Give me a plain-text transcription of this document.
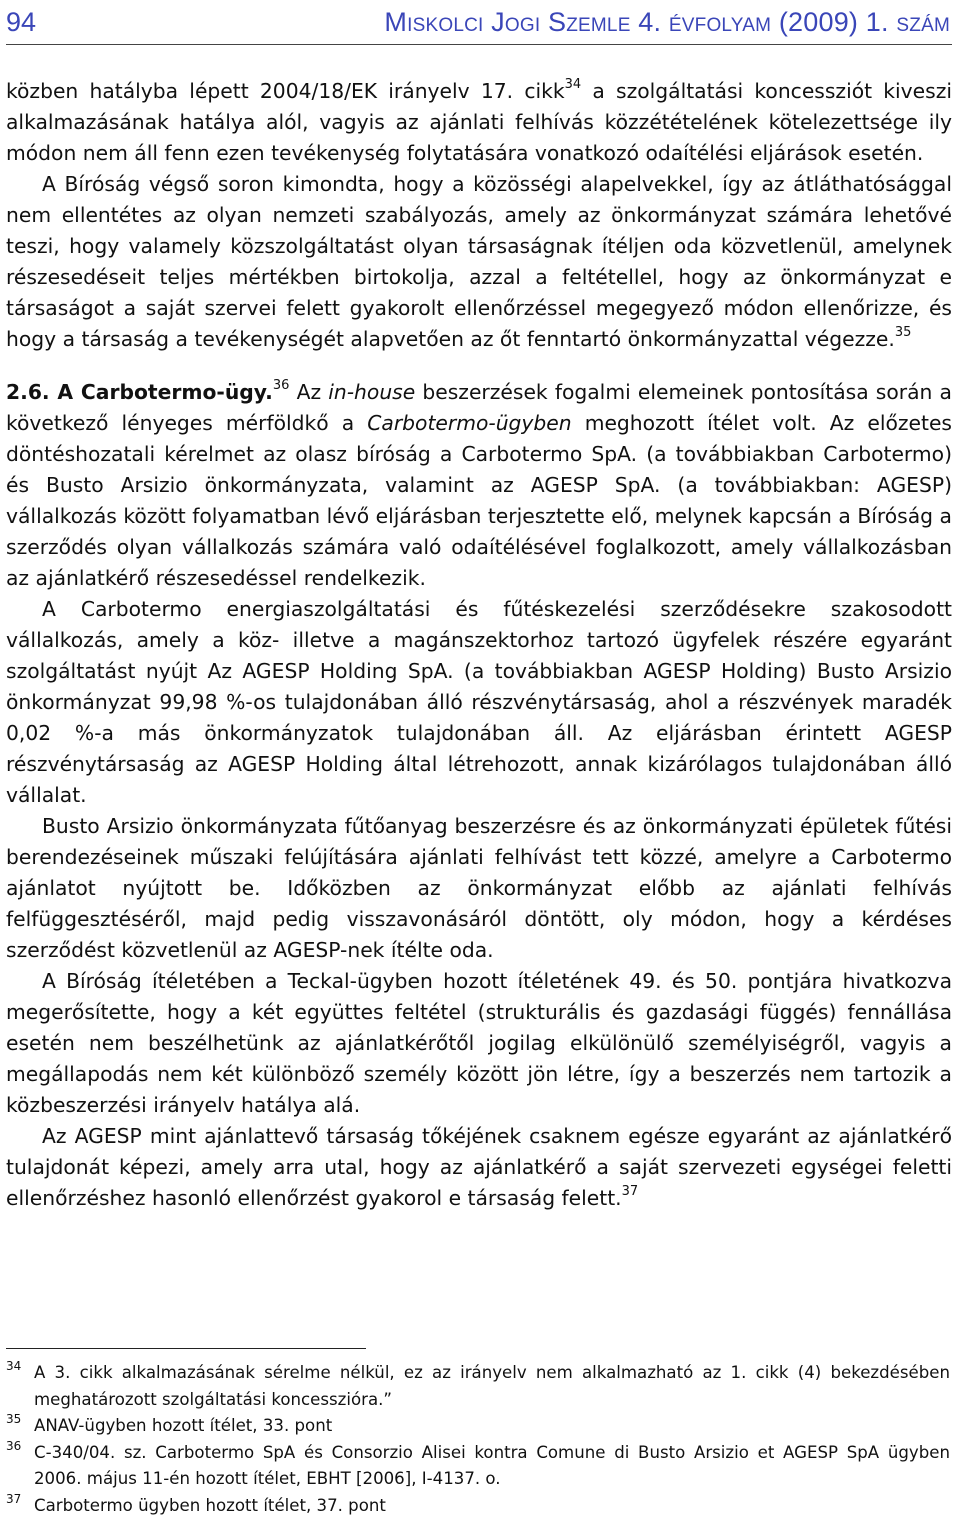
94	Miskolci Jogi Szemle 4. évfolyam (2009) 1. szám

közben hatályba lépett 2004/18/EK irányelv 17. cikk$^{34}$ a szolgáltatási koncessziót kiveszi alkalmazásának hatálya alól, vagyis az ajánlati felhívás közzétételének kötelezettsége ily módon nem áll fenn ezen tevékenység folytatására vonatkozó odaítélési eljárások esetén.

A Bíróság végső soron kimondta, hogy a közösségi alapelvekkel, így az átláthatósággal nem ellentétes az olyan nemzeti szabályozás, amely az önkormányzat számára lehetővé teszi, hogy valamely közszolgáltatást olyan társaságnak ítéljen oda közvetlenül, amelynek részesedéseit teljes mértékben birtokolja, azzal a feltétellel, hogy az önkormányzat e társaságot a saját szervei felett gyakorolt ellenőrzéssel megegyező módon ellenőrizze, és hogy a társaság a tevékenységét alapvetően az őt fenntartó önkormányzattal végezze.$^{35}$

2.6. A Carbotermo-ügy.$^{36}$ Az in-house beszerzések fogalmi elemeinek pontosítása során a következő lényeges mérföldkő a Carbotermo-ügyben meghozott ítélet volt. Az előzetes döntéshozatali kérelmet az olasz bíróság a Carbotermo SpA. (a továbbiakban Carbotermo) és Busto Arsizio önkormányzata, valamint az AGESP SpA. (a továbbiakban: AGESP) vállalkozás között folyamatban lévő eljárásban terjesztette elő, melynek kapcsán a Bíróság a szerződés olyan vállalkozás számára való odaítélésével foglalkozott, amely vállalkozásban az ajánlatkérő részesedéssel rendelkezik.

A Carbotermo energiaszolgáltatási és fűtéskezelési szerződésekre szakosodott vállalkozás, amely a köz- illetve a magánszektorhoz tartozó ügyfelek részére egyaránt szolgáltatást nyújt Az AGESP Holding SpA. (a továbbiakban AGESP Holding) Busto Arsizio önkormányzat 99,98 %-os tulajdonában álló részvénytársaság, ahol a részvények maradék 0,02 %-a más önkormányzatok tulajdonában áll. Az eljárásban érintett AGESP részvénytársaság az AGESP Holding által létrehozott, annak kizárólagos tulajdonában álló vállalat.

Busto Arsizio önkormányzata fűtőanyag beszerzésre és az önkormányzati épületek fűtési berendezéseinek műszaki felújítására ajánlati felhívást tett közzé, amelyre a Carbotermo ajánlatot nyújtott be. Időközben az önkormányzat előbb az ajánlati felhívás felfüggesztéséről, majd pedig visszavonásáról döntött, oly módon, hogy a kérdéses szerződést közvetlenül az AGESP-nek ítélte oda.

A Bíróság ítéletében a Teckal-ügyben hozott ítéletének 49. és 50. pontjára hivatkozva megerősítette, hogy a két együttes feltétel (strukturális és gazdasági függés) fennállása esetén nem beszélhetünk az ajánlatkérőtől jogilag elkülönülő személyiségről, vagyis a megállapodás nem két különböző személy között jön létre, így a beszerzés nem tartozik a közbeszerzési irányelv hatálya alá.

Az AGESP mint ajánlattevő társaság tőkéjének csaknem egésze egyaránt az ajánlatkérő tulajdonát képezi, amely arra utal, hogy az ajánlatkérő a saját szervezeti egységei feletti ellenőrzéshez hasonló ellenőrzést gyakorol e társaság felett.$^{37}$

34 A 3. cikk alkalmazásának sérelme nélkül, ez az irányelv nem alkalmazható az 1. cikk (4) bekezdésében meghatározott szolgáltatási koncesszióra.”
35 ANAV-ügyben hozott ítélet, 33. pont
36 C-340/04. sz. Carbotermo SpA és Consorzio Alisei kontra Comune di Busto Arsizio et AGESP SpA ügyben 2006. május 11-én hozott ítélet, EBHT [2006], I-4137. o.
37 Carbotermo ügyben hozott ítélet, 37. pont
